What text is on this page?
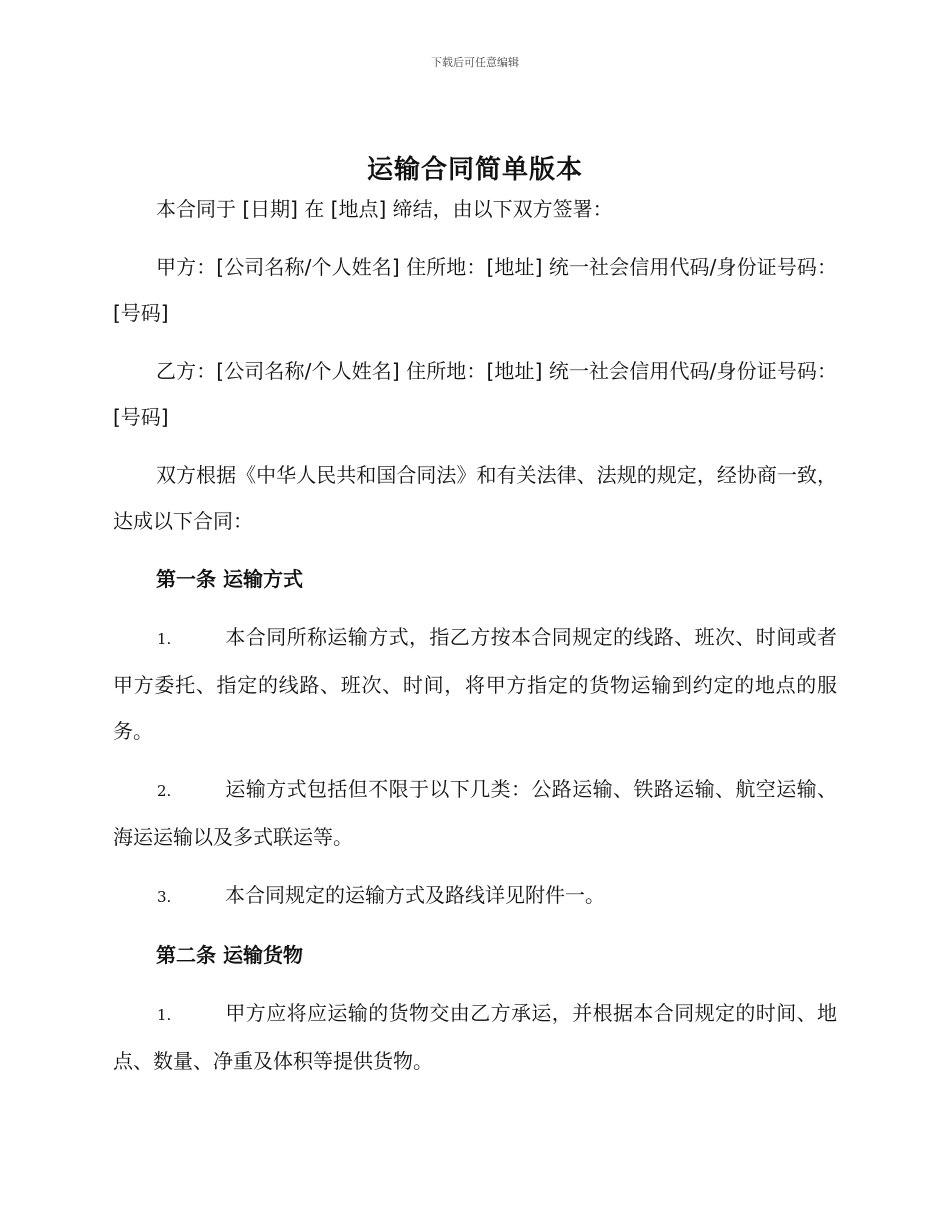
下载后可任意编辑
运输合同简单版本

本合同于 [日期] 在 [地点] 缔结，由以下双方签署：

甲方：[公司名称/个人姓名] 住所地：[地址] 统一社会信用代码/身份证号码：[号码]

乙方：[公司名称/个人姓名] 住所地：[地址] 统一社会信用代码/身份证号码：[号码]

双方根据《中华人民共和国合同法》和有关法律、法规的规定，经协商一致，达成以下合同：

第一条 运输方式

1.	本合同所称运输方式，指乙方按本合同规定的线路、班次、时间或者甲方委托、指定的线路、班次、时间，将甲方指定的货物运输到约定的地点的服务。

2.	运输方式包括但不限于以下几类：公路运输、铁路运输、航空运输、海运运输以及多式联运等。

3.	本合同规定的运输方式及路线详见附件一。

第二条 运输货物

1.	甲方应将应运输的货物交由乙方承运，并根据本合同规定的时间、地点、数量、净重及体积等提供货物。
